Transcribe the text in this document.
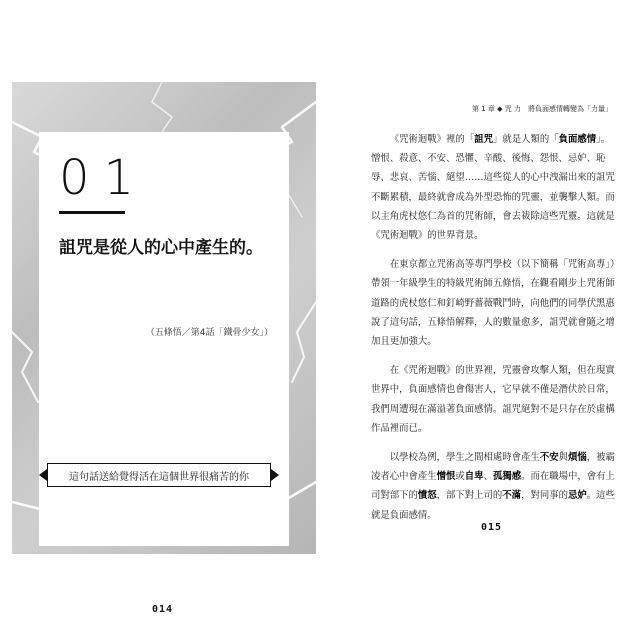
01
詛咒是從人的心中產生的。
（五條悟／第4話「鐵骨少女」）
這句話送給覺得活在這個世界很痛苦的你
014
第 1 章 ◆ 咒 力　將負面感情轉變為「力量」

《咒術迴戰》裡的「詛咒」就是人類的「負面感情」。憎恨、殺意、不安、恐懼、辛酸、後悔、怨恨、忌妒、恥辱、悲哀、苦惱、絕望……這些從人的心中洩漏出來的詛咒不斷累積，最終就會成為外型恐怖的咒靈，並襲擊人類。而以主角虎杖悠仁為首的咒術師，會去祓除這些咒靈。這就是《咒術迴戰》的世界背景。

在東京都立咒術高等專門學校（以下簡稱「咒術高專」）帶領一年級學生的特級咒術師五條悟，在觀看剛步上咒術師道路的虎杖悠仁和釘崎野薔薇戰鬥時，向他們的同學伏黑惠說了這句話，五條悟解釋，人的數量愈多，詛咒就會隨之增加且更加強大。

在《咒術迴戰》的世界裡，咒靈會攻擊人類，但在現實世界中，負面感情也會傷害人，它早就不僅是潛伏於日常，我們周遭現在滿溢著負面感情。詛咒絕對不是只存在於虛構作品裡而已。

以學校為例，學生之間相處時會產生不安與煩惱，被霸凌者心中會產生憎恨或自卑、孤獨感。而在職場中，會有上司對部下的憤怒，部下對上司的不滿，對同事的忌妒。這些就是負面感情。

015
